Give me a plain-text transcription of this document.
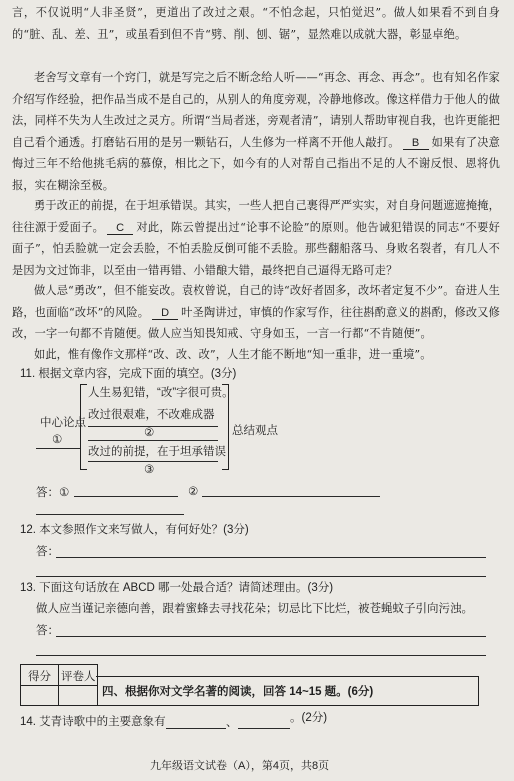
言，不仅说明“人非圣贤”，更道出了改过之艰。“不怕念起，只怕觉迟”。做人如果看不到自身的“脏、乱、差、丑”，或虽看到但不肯“劈、削、刨、锯”，显然难以成就大器，彰显卓绝。
老舍写文章有一个窍门，就是写完之后不断念给人听——“再念、再念、再念”。也有知名作家介绍写作经验，把作品当成不是自己的，从别人的角度旁观，冷静地修改。像这样借力于他人的做法，同样不失为人生改过之灵方。所谓“当局者迷，旁观者清”，请别人帮助审视自我，也许更能把自己看个通透。打磨钻石用的是另一颗钻石，人生修为一样离不开他人敲打。 B 如果有了决意悔过三年不给他挑毛病的慕僚，相比之下，如今有的人对帮自己指出不足的人不谢反恨、恩将仇报，实在糊涂至极。
勇于改正的前提，在于坦承错误。其实，一些人把自己裹得严严实实，对自身问题遮遮掩掩，往往源于爱面子。 C 对此，陈云曾提出过“论事不论脸”的原则。他告诫犯错误的同志“不要好面子”，怕丢脸就一定会丢脸，不怕丢脸反倒可能不丢脸。那些翻船落马、身败名裂者，有几人不是因为文过饰非，以至由一错再错、小错酿大错，最终把自己逼得无路可走？
做人忌“勇改”，但不能妄改。袁枚曾说，自己的诗“改好者固多，改坏者定复不少”。奋进人生路，也面临“改坏”的风险。 D 叶圣陶讲过，审慎的作家写作，往往斟酌意义的斟酌，修改又修改，一字一句都不肯随便。做人应当知畏知戒、守身如玉，一言一行都“不肯随便”。
如此，惟有像作文那样“改、改、改”，人生才能不断地“知一重非，进一重境”。
11. 根据文章内容，完成下面的填空。(3分)
中心论点
①
人生易犯错，“改”字很可贵。
改过很艰难，不改难成器
②
改过的前提，在于坦承错误
③
总结观点
答：①	②
12. 本文参照作文来写做人，有何好处？(3分)
答：
13. 下面这句话放在 ABCD 哪一处最合适？请简述理由。(3分)
做人应当谨记亲德向善，跟着蜜蜂去寻找花朵；切忌比下比烂，被苍蝇蚊子引向污浊。
答：
得分 评卷人
四、根据你对文学名著的阅读，回答 14~15 题。(6分)
14. 艾青诗歌中的主要意象有	、	。(2分)
九年级语文试卷（A），第4页，共8页
